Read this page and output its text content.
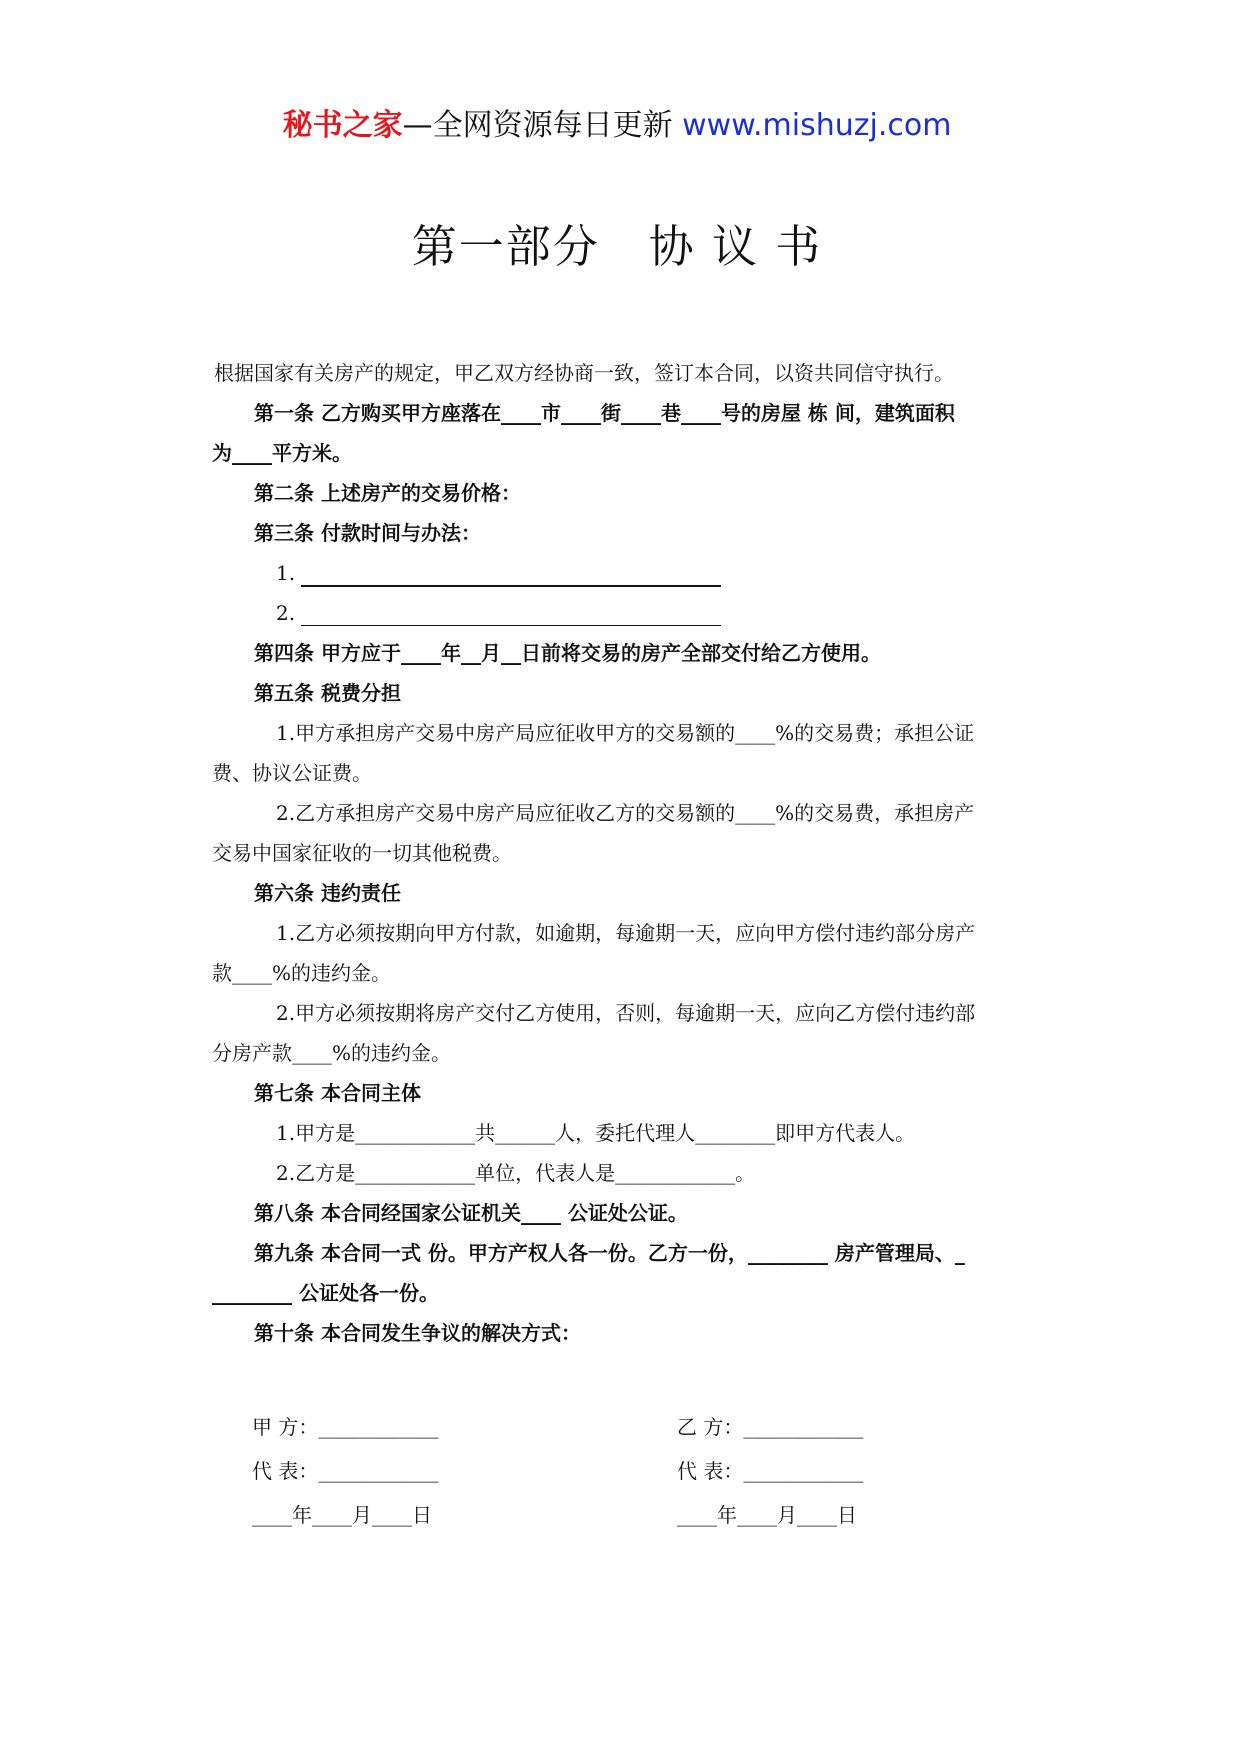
秘书之家—全网资源每日更新 www.mishuzj.com
第一部分   协 议 书
根据国家有关房产的规定，甲乙双方经协商一致，签订本合同，以资共同信守执行。
第一条 乙方购买甲方座落在____市____街____巷____号的房屋 栋 间，建筑面积
为____平方米。
第二条 上述房产的交易价格：
第三条 付款时间与办法：
1.
2.
第四条 甲方应于____年__月__日前将交易的房产全部交付给乙方使用。
第五条 税费分担
1.甲方承担房产交易中房产局应征收甲方的交易额的____%的交易费；承担公证
费、协议公证费。
2.乙方承担房产交易中房产局应征收乙方的交易额的____%的交易费，承担房产
交易中国家征收的一切其他税费。
第六条 违约责任
1.乙方必须按期向甲方付款，如逾期，每逾期一天，应向甲方偿付违约部分房产
款____%的违约金。
2.甲方必须按期将房产交付乙方使用，否则，每逾期一天，应向乙方偿付违约部
分房产款____%的违约金。
第七条 本合同主体
1.甲方是____________共______人，委托代理人________即甲方代表人。
2.乙方是____________单位，代表人是____________。
第八条 本合同经国家公证机关____ 公证处公证。
第九条 本合同一式 份。甲方产权人各一份。乙方一份，________ 房产管理局、_
________ 公证处各一份。
第十条 本合同发生争议的解决方式：
甲 方：____________	乙 方：____________
代 表：____________	代 表：____________
____年____月____日	____年____月____日
